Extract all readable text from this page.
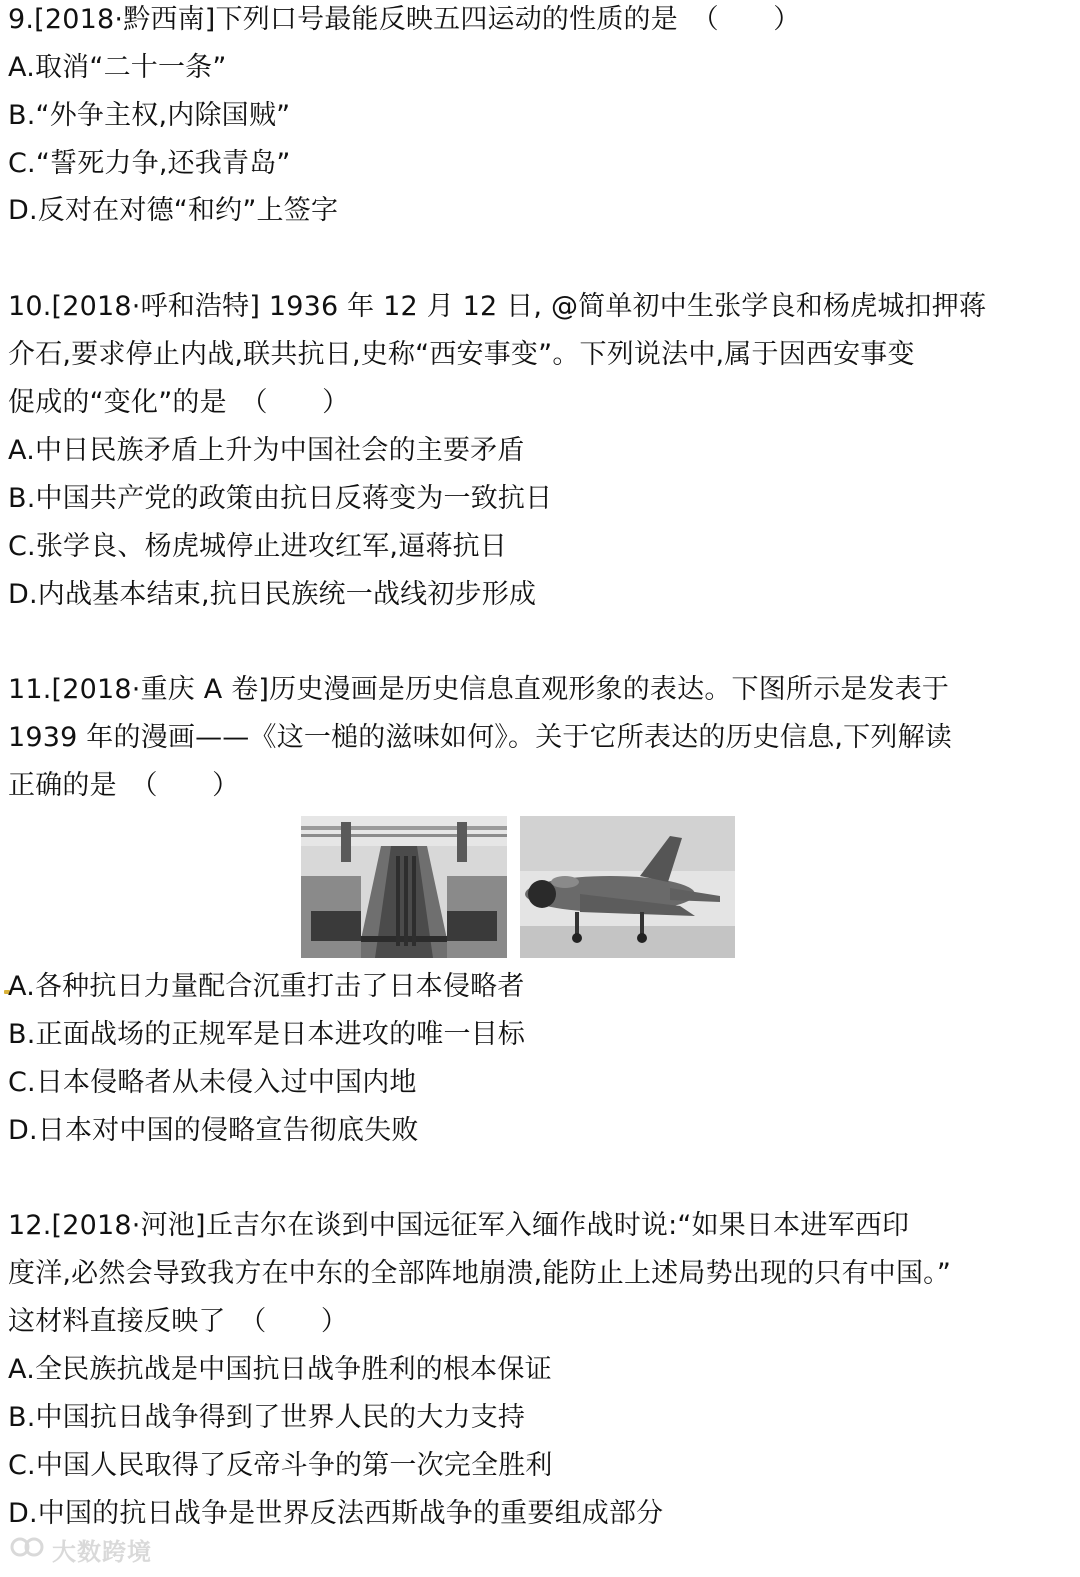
9.[2018·黔西南]下列口号最能反映五四运动的性质的是　（　　）
A.取消“二十一条”
B.“外争主权,内除国贼”
C.“誓死力争,还我青岛”
D.反对在对德“和约”上签字
10.[2018·呼和浩特] 1936 年 12 月 12 日, @简单初中生张学良和杨虎城扣押蒋
介石,要求停止内战,联共抗日,史称“西安事变”。下列说法中,属于因西安事变
促成的“变化”的是　（　　）
A.中日民族矛盾上升为中国社会的主要矛盾
B.中国共产党的政策由抗日反蒋变为一致抗日
C.张学良、杨虎城停止进攻红军,逼蒋抗日
D.内战基本结束,抗日民族统一战线初步形成
11.[2018·重庆 A 卷]历史漫画是历史信息直观形象的表达。下图所示是发表于
1939 年的漫画——《这一槌的滋味如何》。关于它所表达的历史信息,下列解读
正确的是　（　　）
A.各种抗日力量配合沉重打击了日本侵略者
B.正面战场的正规军是日本进攻的唯一目标
C.日本侵略者从未侵入过中国内地
D.日本对中国的侵略宣告彻底失败
12.[2018·河池]丘吉尔在谈到中国远征军入缅作战时说:“如果日本进军西印
度洋,必然会导致我方在中东的全部阵地崩溃,能防止上述局势出现的只有中国。”
这材料直接反映了　（　　）
A.全民族抗战是中国抗日战争胜利的根本保证
B.中国抗日战争得到了世界人民的大力支持
C.中国人民取得了反帝斗争的第一次完全胜利
D.中国的抗日战争是世界反法西斯战争的重要组成部分
大数跨境
